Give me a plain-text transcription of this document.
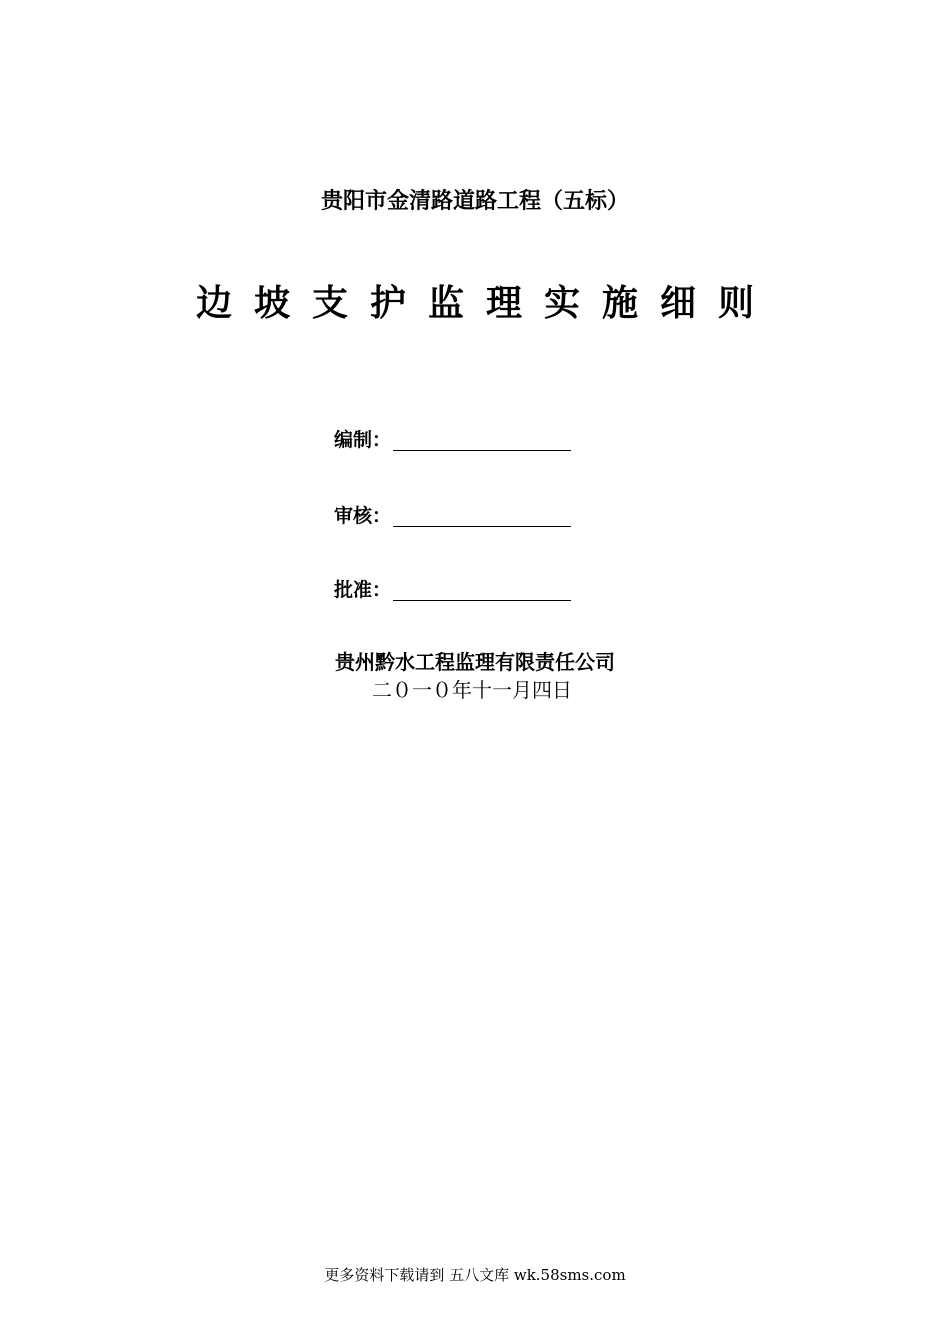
贵阳市金清路道路工程（五标）
边坡支护监理实施细则
编制：
审核：
批准：
贵州黔水工程监理有限责任公司
二０一０年十一月四日
更多资料下载请到 五八文库 wk.58sms.com
